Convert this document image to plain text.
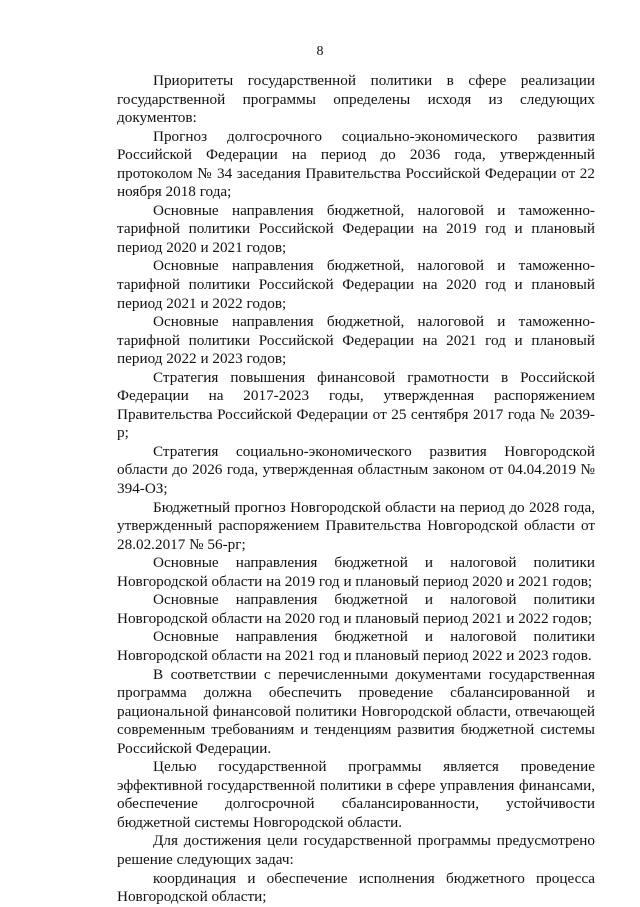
8

Приоритеты государственной политики в сфере реализации государственной программы определены исходя из следующих документов:

Прогноз долгосрочного социально-экономического развития Российской Федерации на период до 2036 года, утвержденный протоколом № 34 заседания Правительства Российской Федерации от 22 ноября 2018 года;

Основные направления бюджетной, налоговой и таможенно-тарифной политики Российской Федерации на 2019 год и плановый период 2020 и 2021 годов;

Основные направления бюджетной, налоговой и таможенно-тарифной политики Российской Федерации на 2020 год и плановый период 2021 и 2022 годов;

Основные направления бюджетной, налоговой и таможенно-тарифной политики Российской Федерации на 2021 год и плановый период 2022 и 2023 годов;

Стратегия повышения финансовой грамотности в Российской Федерации на 2017-2023 годы, утвержденная распоряжением Правительства Российской Федерации от 25 сентября 2017 года № 2039-р;

Стратегия социально-экономического развития Новгородской области до 2026 года, утвержденная областным законом от 04.04.2019 № 394-ОЗ;

Бюджетный прогноз Новгородской области на период до 2028 года, утвержденный распоряжением Правительства Новгородской области от 28.02.2017 № 56-рг;

Основные направления бюджетной и налоговой политики Новгородской области на 2019 год и плановый период 2020 и 2021 годов;

Основные направления бюджетной и налоговой политики Новгородской области на 2020 год и плановый период 2021 и 2022 годов;

Основные направления бюджетной и налоговой политики Новгородской области на 2021 год и плановый период 2022 и 2023 годов.

В соответствии с перечисленными документами государственная программа должна обеспечить проведение сбалансированной и рациональной финансовой политики Новгородской области, отвечающей современным требованиям и тенденциям развития бюджетной системы Российской Федерации.

Целью государственной программы является проведение эффективной государственной политики в сфере управления финансами, обеспечение долгосрочной сбалансированности, устойчивости бюджетной системы Новгородской области.

Для достижения цели государственной программы предусмотрено решение следующих задач:

координация и обеспечение исполнения бюджетного процесса Новгородской области;
